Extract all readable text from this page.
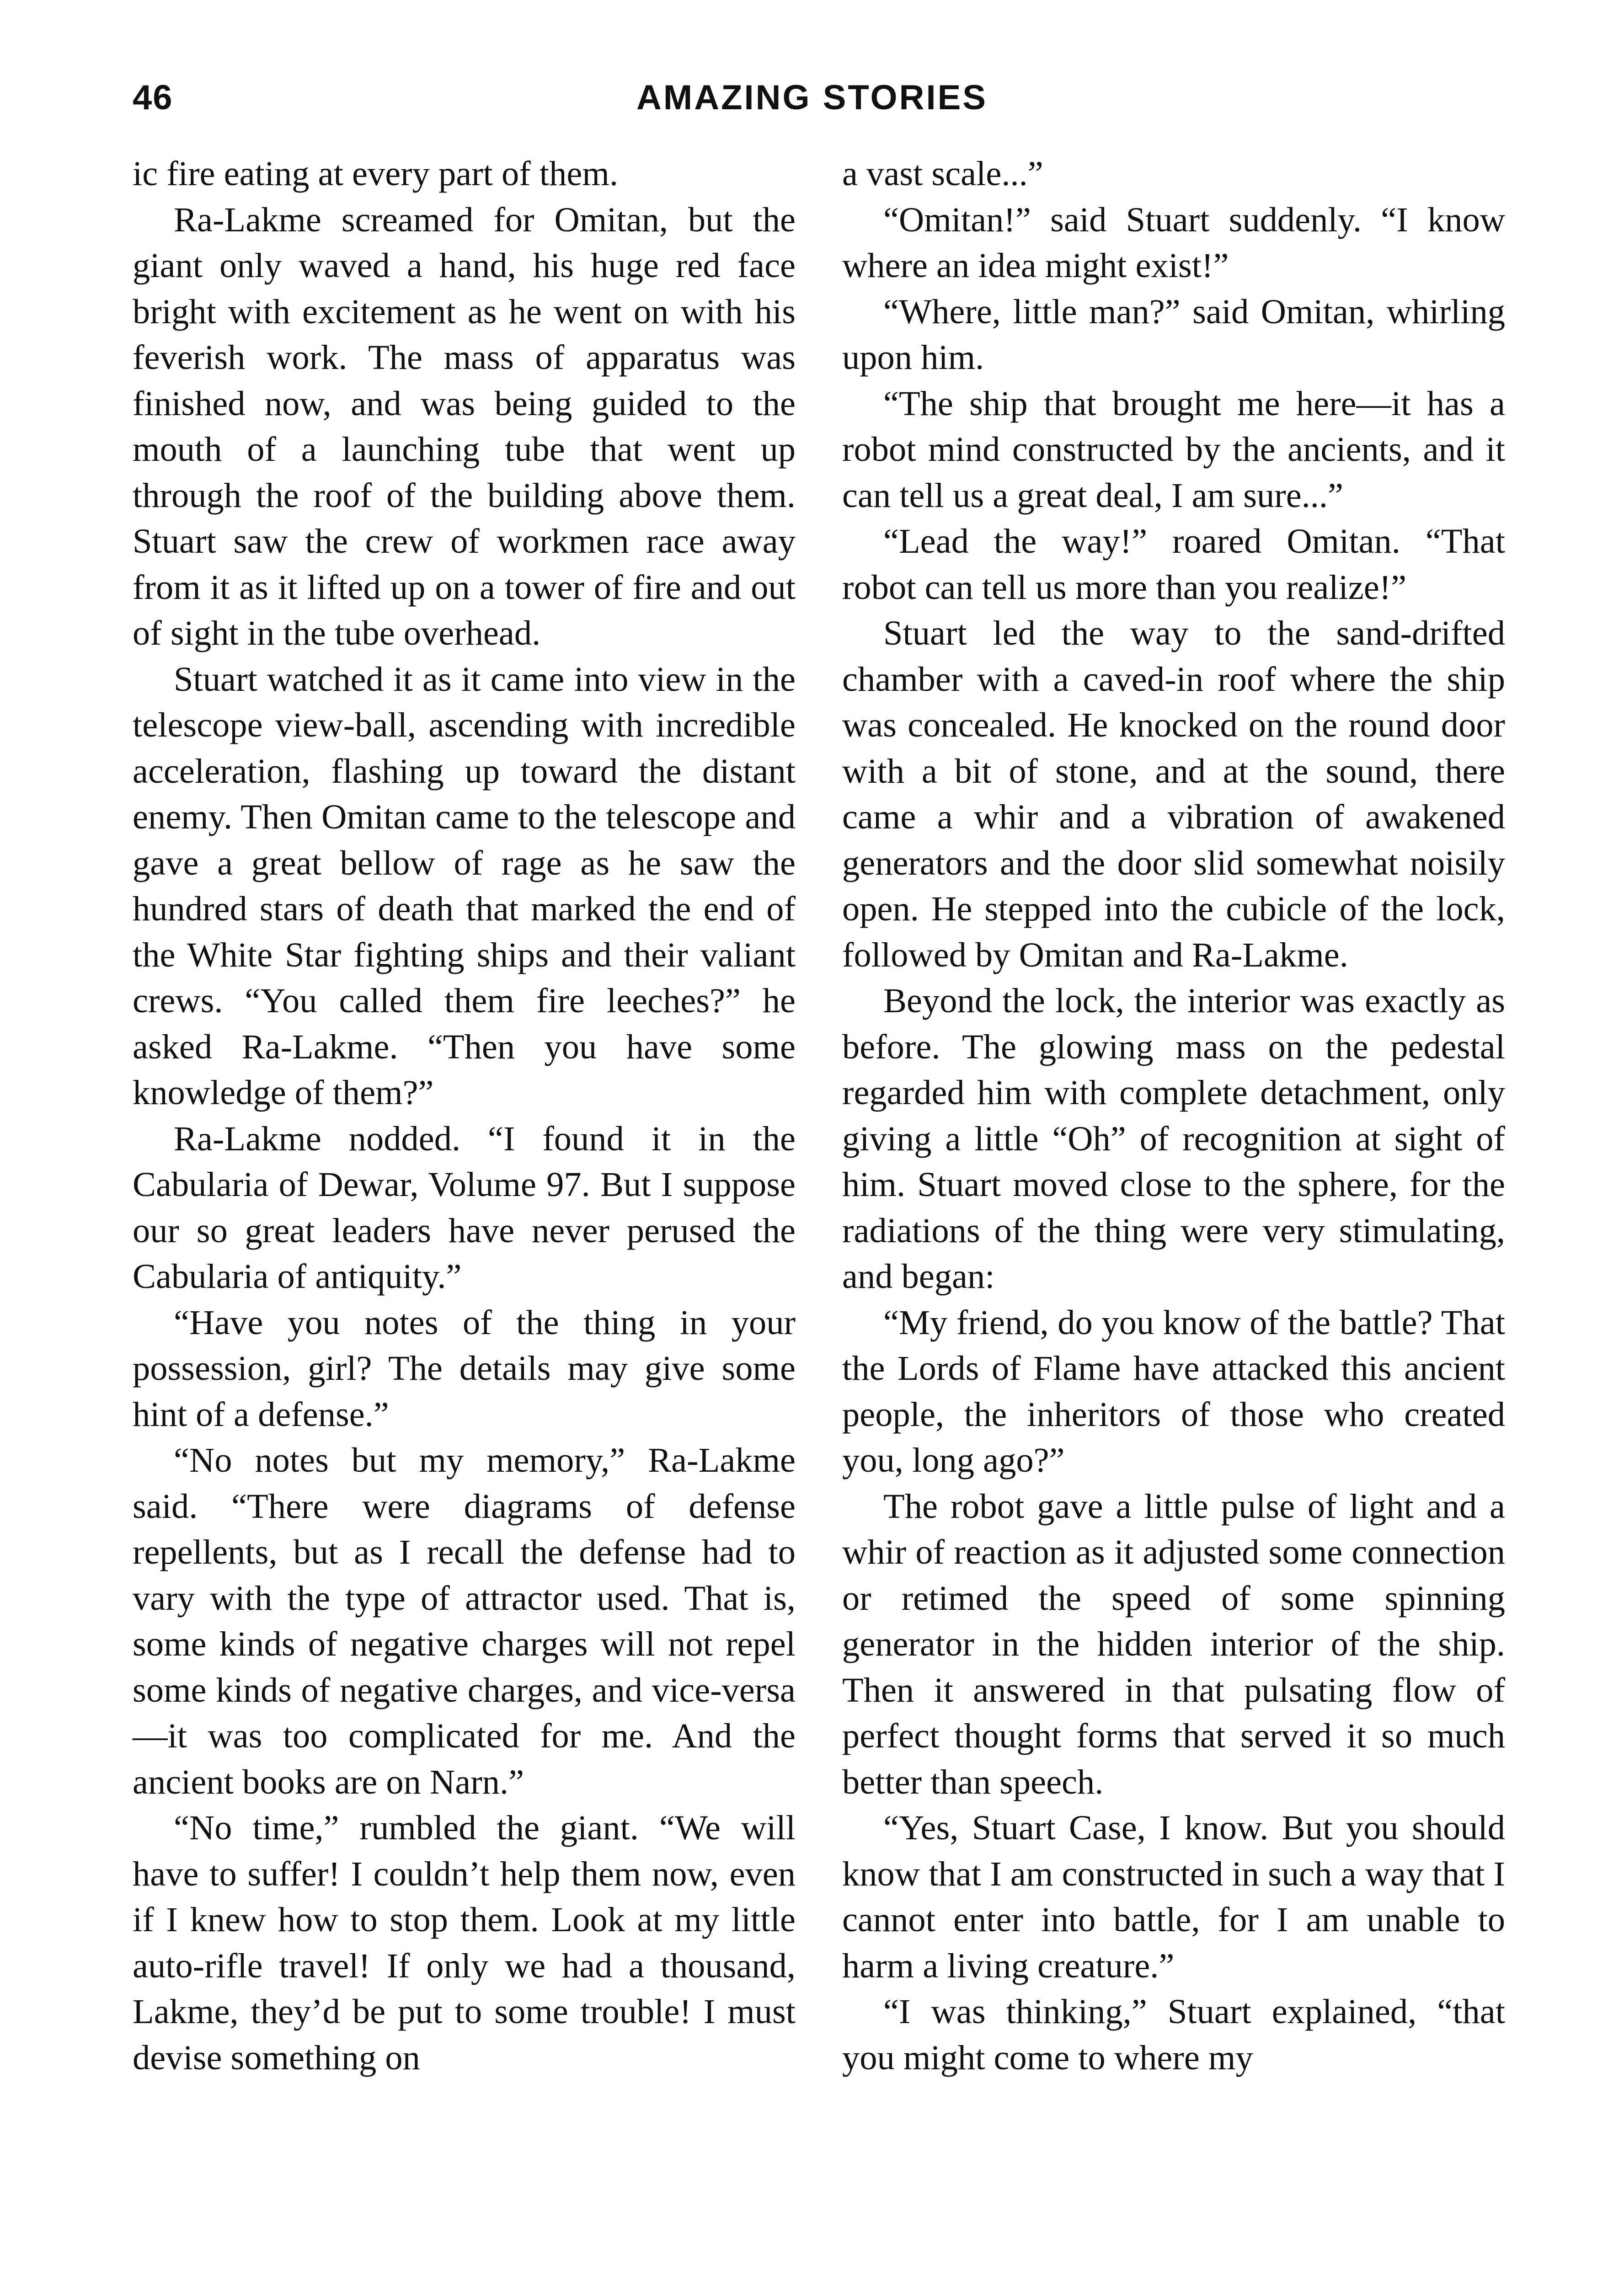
46	AMAZING STORIES

ic fire eating at every part of them.

Ra-Lakme screamed for Omitan, but the giant only waved a hand, his huge red face bright with excitement as he went on with his feverish work. The mass of apparatus was finished now, and was being guided to the mouth of a launching tube that went up through the roof of the building above them. Stuart saw the crew of workmen race away from it as it lifted up on a tower of fire and out of sight in the tube overhead.

Stuart watched it as it came into view in the telescope view-ball, ascending with incredible acceleration, flashing up toward the distant enemy. Then Omitan came to the telescope and gave a great bellow of rage as he saw the hundred stars of death that marked the end of the White Star fighting ships and their valiant crews. “You called them fire leeches?” he asked Ra-Lakme. “Then you have some knowledge of them?”

Ra-Lakme nodded. “I found it in the Cabularia of Dewar, Volume 97. But I suppose our so great leaders have never perused the Cabularia of antiquity.”

“Have you notes of the thing in your possession, girl? The details may give some hint of a defense.”

“No notes but my memory,” Ra-Lakme said. “There were diagrams of defense repellents, but as I recall the defense had to vary with the type of attractor used. That is, some kinds of negative charges will not repel some kinds of negative charges, and vice-versa—it was too complicated for me. And the ancient books are on Narn.”

“No time,” rumbled the giant. “We will have to suffer! I couldn’t help them now, even if I knew how to stop them. Look at my little auto-rifle travel! If only we had a thousand, Lakme, they’d be put to some trouble! I must devise something on

a vast scale...”

“Omitan!” said Stuart suddenly. “I know where an idea might exist!”

“Where, little man?” said Omitan, whirling upon him.

“The ship that brought me here—it has a robot mind constructed by the ancients, and it can tell us a great deal, I am sure...”

“Lead the way!” roared Omitan. “That robot can tell us more than you realize!”

Stuart led the way to the sand-drifted chamber with a caved-in roof where the ship was concealed. He knocked on the round door with a bit of stone, and at the sound, there came a whir and a vibration of awakened generators and the door slid somewhat noisily open. He stepped into the cubicle of the lock, followed by Omitan and Ra-Lakme.

Beyond the lock, the interior was exactly as before. The glowing mass on the pedestal regarded him with complete detachment, only giving a little “Oh” of recognition at sight of him. Stuart moved close to the sphere, for the radiations of the thing were very stimulating, and began:

“My friend, do you know of the battle? That the Lords of Flame have attacked this ancient people, the inheritors of those who created you, long ago?”

The robot gave a little pulse of light and a whir of reaction as it adjusted some connection or retimed the speed of some spinning generator in the hidden interior of the ship. Then it answered in that pulsating flow of perfect thought forms that served it so much better than speech.

“Yes, Stuart Case, I know. But you should know that I am constructed in such a way that I cannot enter into battle, for I am unable to harm a living creature.”

“I was thinking,” Stuart explained, “that you might come to where my
